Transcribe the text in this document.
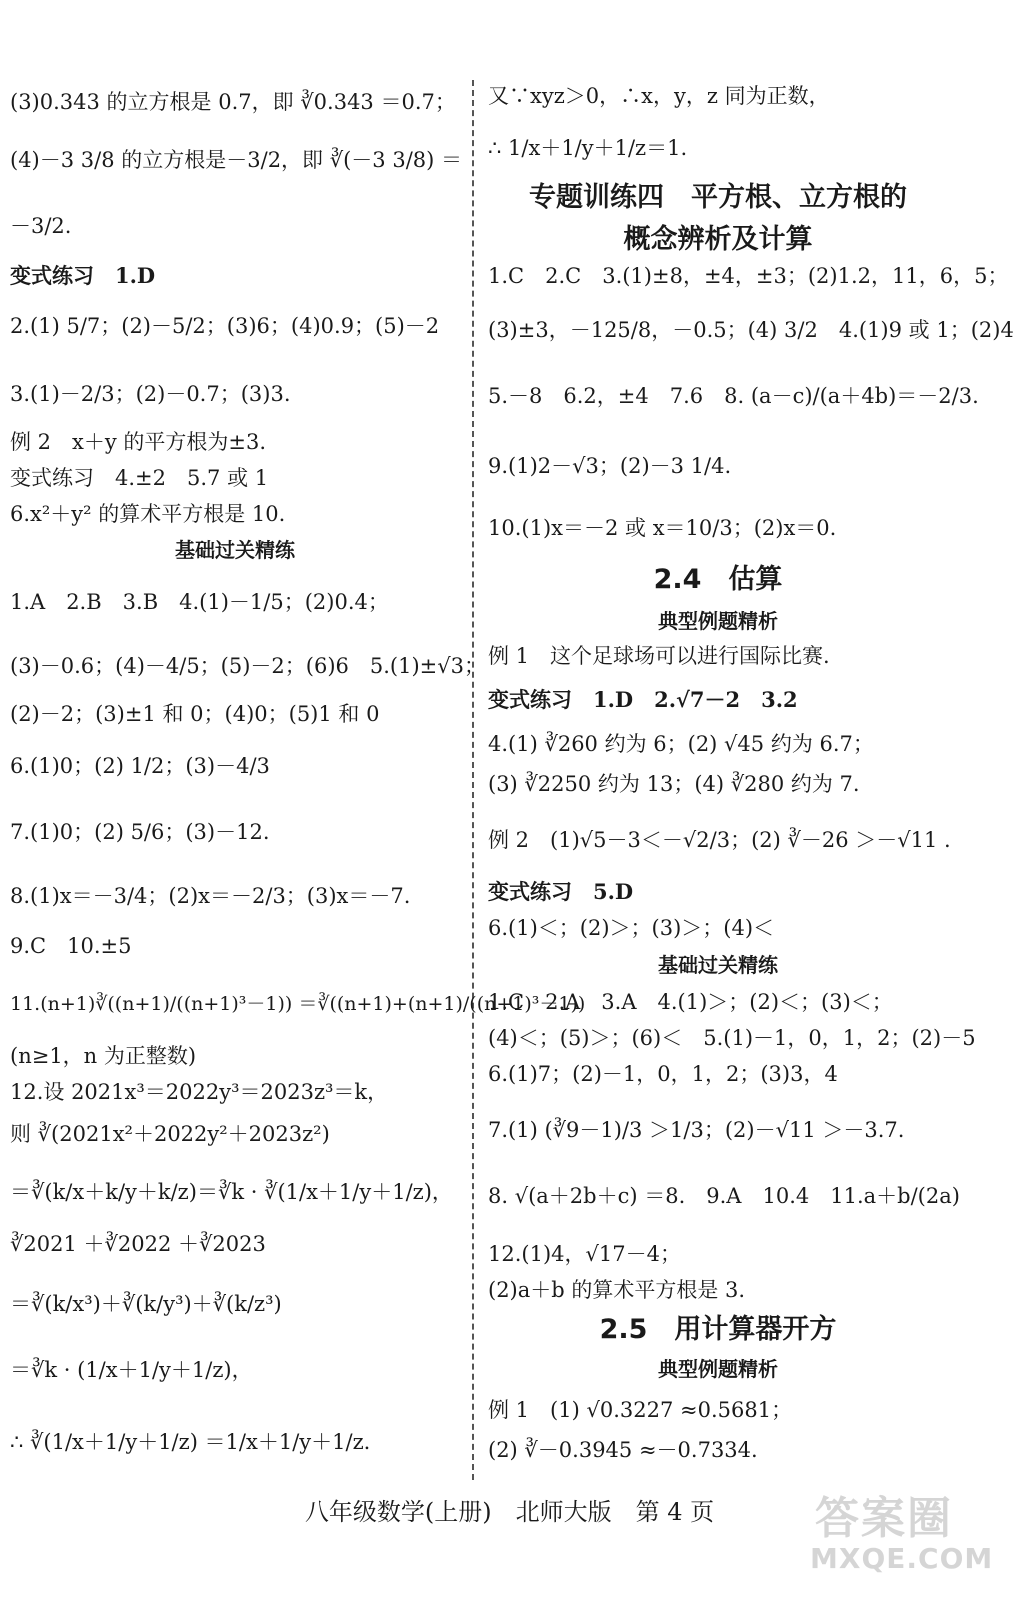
(3)0.343 的立方根是 0.7，即 ∛0.343 ＝0.7；
(4)－3 3/8 的立方根是－3/2，即 ∛(－3 3/8) ＝
－3/2.
变式练习　1.D
2.(1) 5/7；(2)－5/2；(3)6；(4)0.9；(5)－2
3.(1)－2/3；(2)－0.7；(3)3.
例 2　x＋y 的平方根为±3.
变式练习　4.±2　5.7 或 1
6.x²＋y² 的算术平方根是 10.
基础过关精练
1.A　2.B　3.B　4.(1)－1/5；(2)0.4；
(3)－0.6；(4)－4/5；(5)－2；(6)6　5.(1)±√3；
(2)－2；(3)±1 和 0；(4)0；(5)1 和 0
6.(1)0；(2) 1/2；(3)－4/3
7.(1)0；(2) 5/6；(3)－12.
8.(1)x＝－3/4；(2)x＝－2/3；(3)x＝－7.
9.C　10.±5
11.(n+1)∛((n+1)/((n+1)³－1)) ＝∛((n+1)+(n+1)/((n+1)³－1))
(n≥1，n 为正整数)
12.设 2021x³＝2022y³＝2023z³＝k，
则 ∛(2021x²＋2022y²＋2023z²)
＝∛(k/x＋k/y＋k/z)＝∛k · ∛(1/x＋1/y＋1/z)，
∛2021 ＋∛2022 ＋∛2023
＝∛(k/x³)＋∛(k/y³)＋∛(k/z³)
＝∛k · (1/x＋1/y＋1/z)，
∴ ∛(1/x＋1/y＋1/z) ＝1/x＋1/y＋1/z.
又∵xyz＞0，∴x，y，z 同为正数，
∴ 1/x＋1/y＋1/z＝1.
专题训练四　平方根、立方根的
概念辨析及计算
1.C　2.C　3.(1)±8，±4，±3；(2)1.2，11，6，5；
(3)±3，－125/8，－0.5；(4) 3/2　4.(1)9 或 1；(2)4
5.－8　6.2，±4　7.6　8. (a－c)/(a＋4b)＝－2/3.
9.(1)2－√3；(2)－3 1/4.
10.(1)x＝－2 或 x＝10/3；(2)x＝0.
2.4　估算
典型例题精析
例 1　这个足球场可以进行国际比赛.
变式练习　1.D　2.√7－2　3.2
4.(1) ∛260 约为 6；(2) √45 约为 6.7；
(3) ∛2250 约为 13；(4) ∛280 约为 7.
例 2　(1)√5－3＜－√2/3；(2) ∛－26 ＞－√11 .
变式练习　5.D
6.(1)＜；(2)＞；(3)＞；(4)＜
基础过关精练
1.C　2.A　3.A　4.(1)＞；(2)＜；(3)＜；
(4)＜；(5)＞；(6)＜　5.(1)－1，0，1，2；(2)－5
6.(1)7；(2)－1，0，1，2；(3)3，4
7.(1) (∛9－1)/3 ＞1/3；(2)－√11 ＞－3.7.
8. √(a＋2b＋c) ＝8.　9.A　10.4　11.a＋b/(2a)
12.(1)4，√17－4；
(2)a＋b 的算术平方根是 3.
2.5　用计算器开方
典型例题精析
例 1　(1) √0.3227 ≈0.5681；
(2) ∛－0.3945 ≈－0.7334.
八年级数学(上册)　北师大版　第 4 页	答案圈
MXQE.COM
